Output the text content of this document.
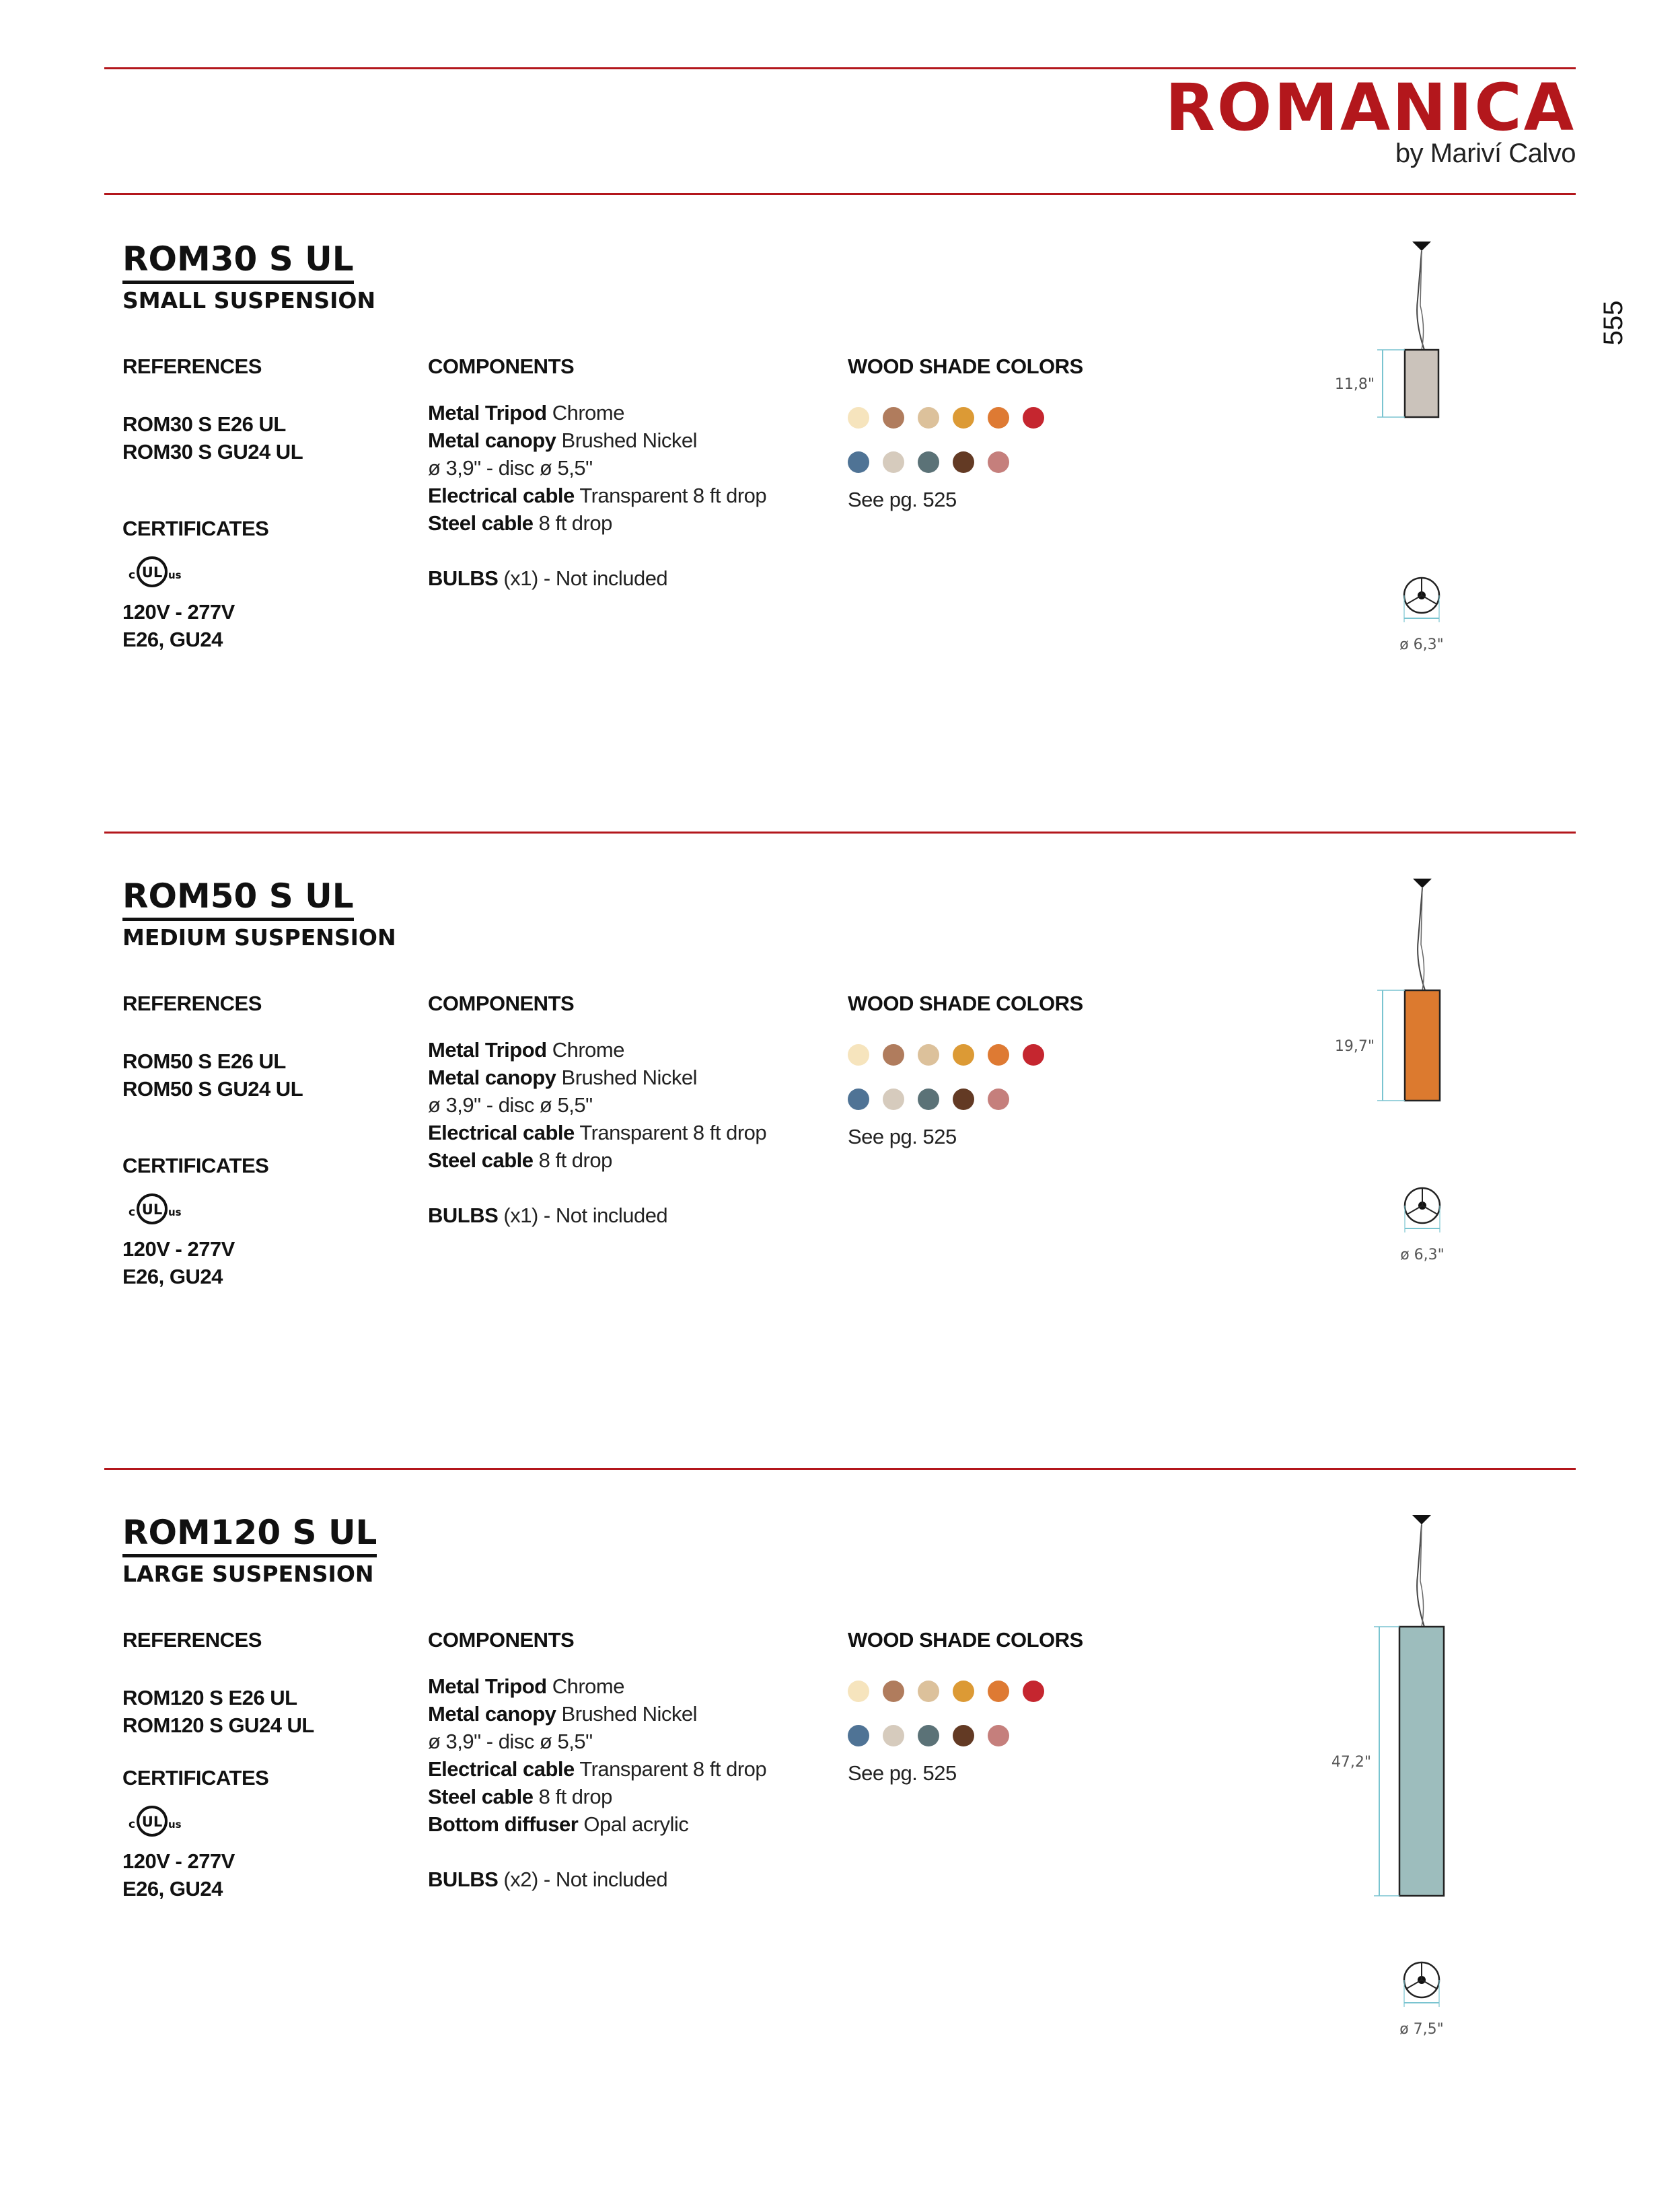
ROMANICA
by Mariví Calvo
555
ROM30 S UL
SMALL SUSPENSION
REFERENCES	COMPONENTS	WOOD SHADE COLORS
ROM30 S E26 UL
ROM30 S GU24 UL
CERTIFICATES
c UL us
120V - 277V
E26, GU24
Metal Tripod Chrome
Metal canopy Brushed Nickel
ø 3,9" - disc ø 5,5"
Electrical cable Transparent 8 ft drop
Steel cable 8 ft drop
BULBS (x1) - Not included
See pg. 525
11,8"
ø 6,3"
ROM50 S UL
MEDIUM SUSPENSION
REFERENCES	COMPONENTS	WOOD SHADE COLORS
ROM50 S E26 UL
ROM50 S GU24 UL
CERTIFICATES
c UL us
120V - 277V
E26, GU24
Metal Tripod Chrome
Metal canopy Brushed Nickel
ø 3,9" - disc ø 5,5"
Electrical cable Transparent 8 ft drop
Steel cable 8 ft drop
BULBS (x1) - Not included
See pg. 525
19,7"
ø 6,3"
ROM120 S UL
LARGE SUSPENSION
REFERENCES	COMPONENTS	WOOD SHADE COLORS
ROM120 S E26 UL
ROM120 S GU24 UL
CERTIFICATES
c UL us
120V - 277V
E26, GU24
Metal Tripod Chrome
Metal canopy Brushed Nickel
ø 3,9" - disc ø 5,5"
Electrical cable Transparent 8 ft drop
Steel cable 8 ft drop
Bottom diffuser Opal acrylic
BULBS (x2) - Not included
See pg. 525	47,2"
ø 7,5"
